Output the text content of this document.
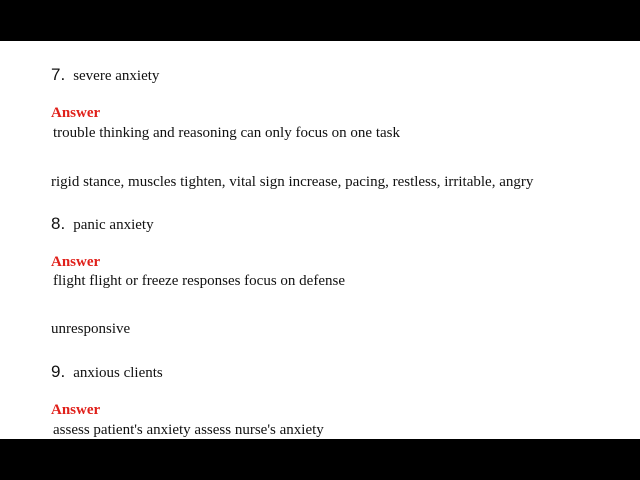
7. severe anxiety
Answer
trouble thinking and reasoning can only focus on one task
rigid stance, muscles tighten, vital sign increase, pacing, restless, irritable, angry
8. panic anxiety
Answer
flight flight or freeze responses focus on defense
unresponsive
9. anxious clients
Answer
assess patient's anxiety assess nurse's anxiety
